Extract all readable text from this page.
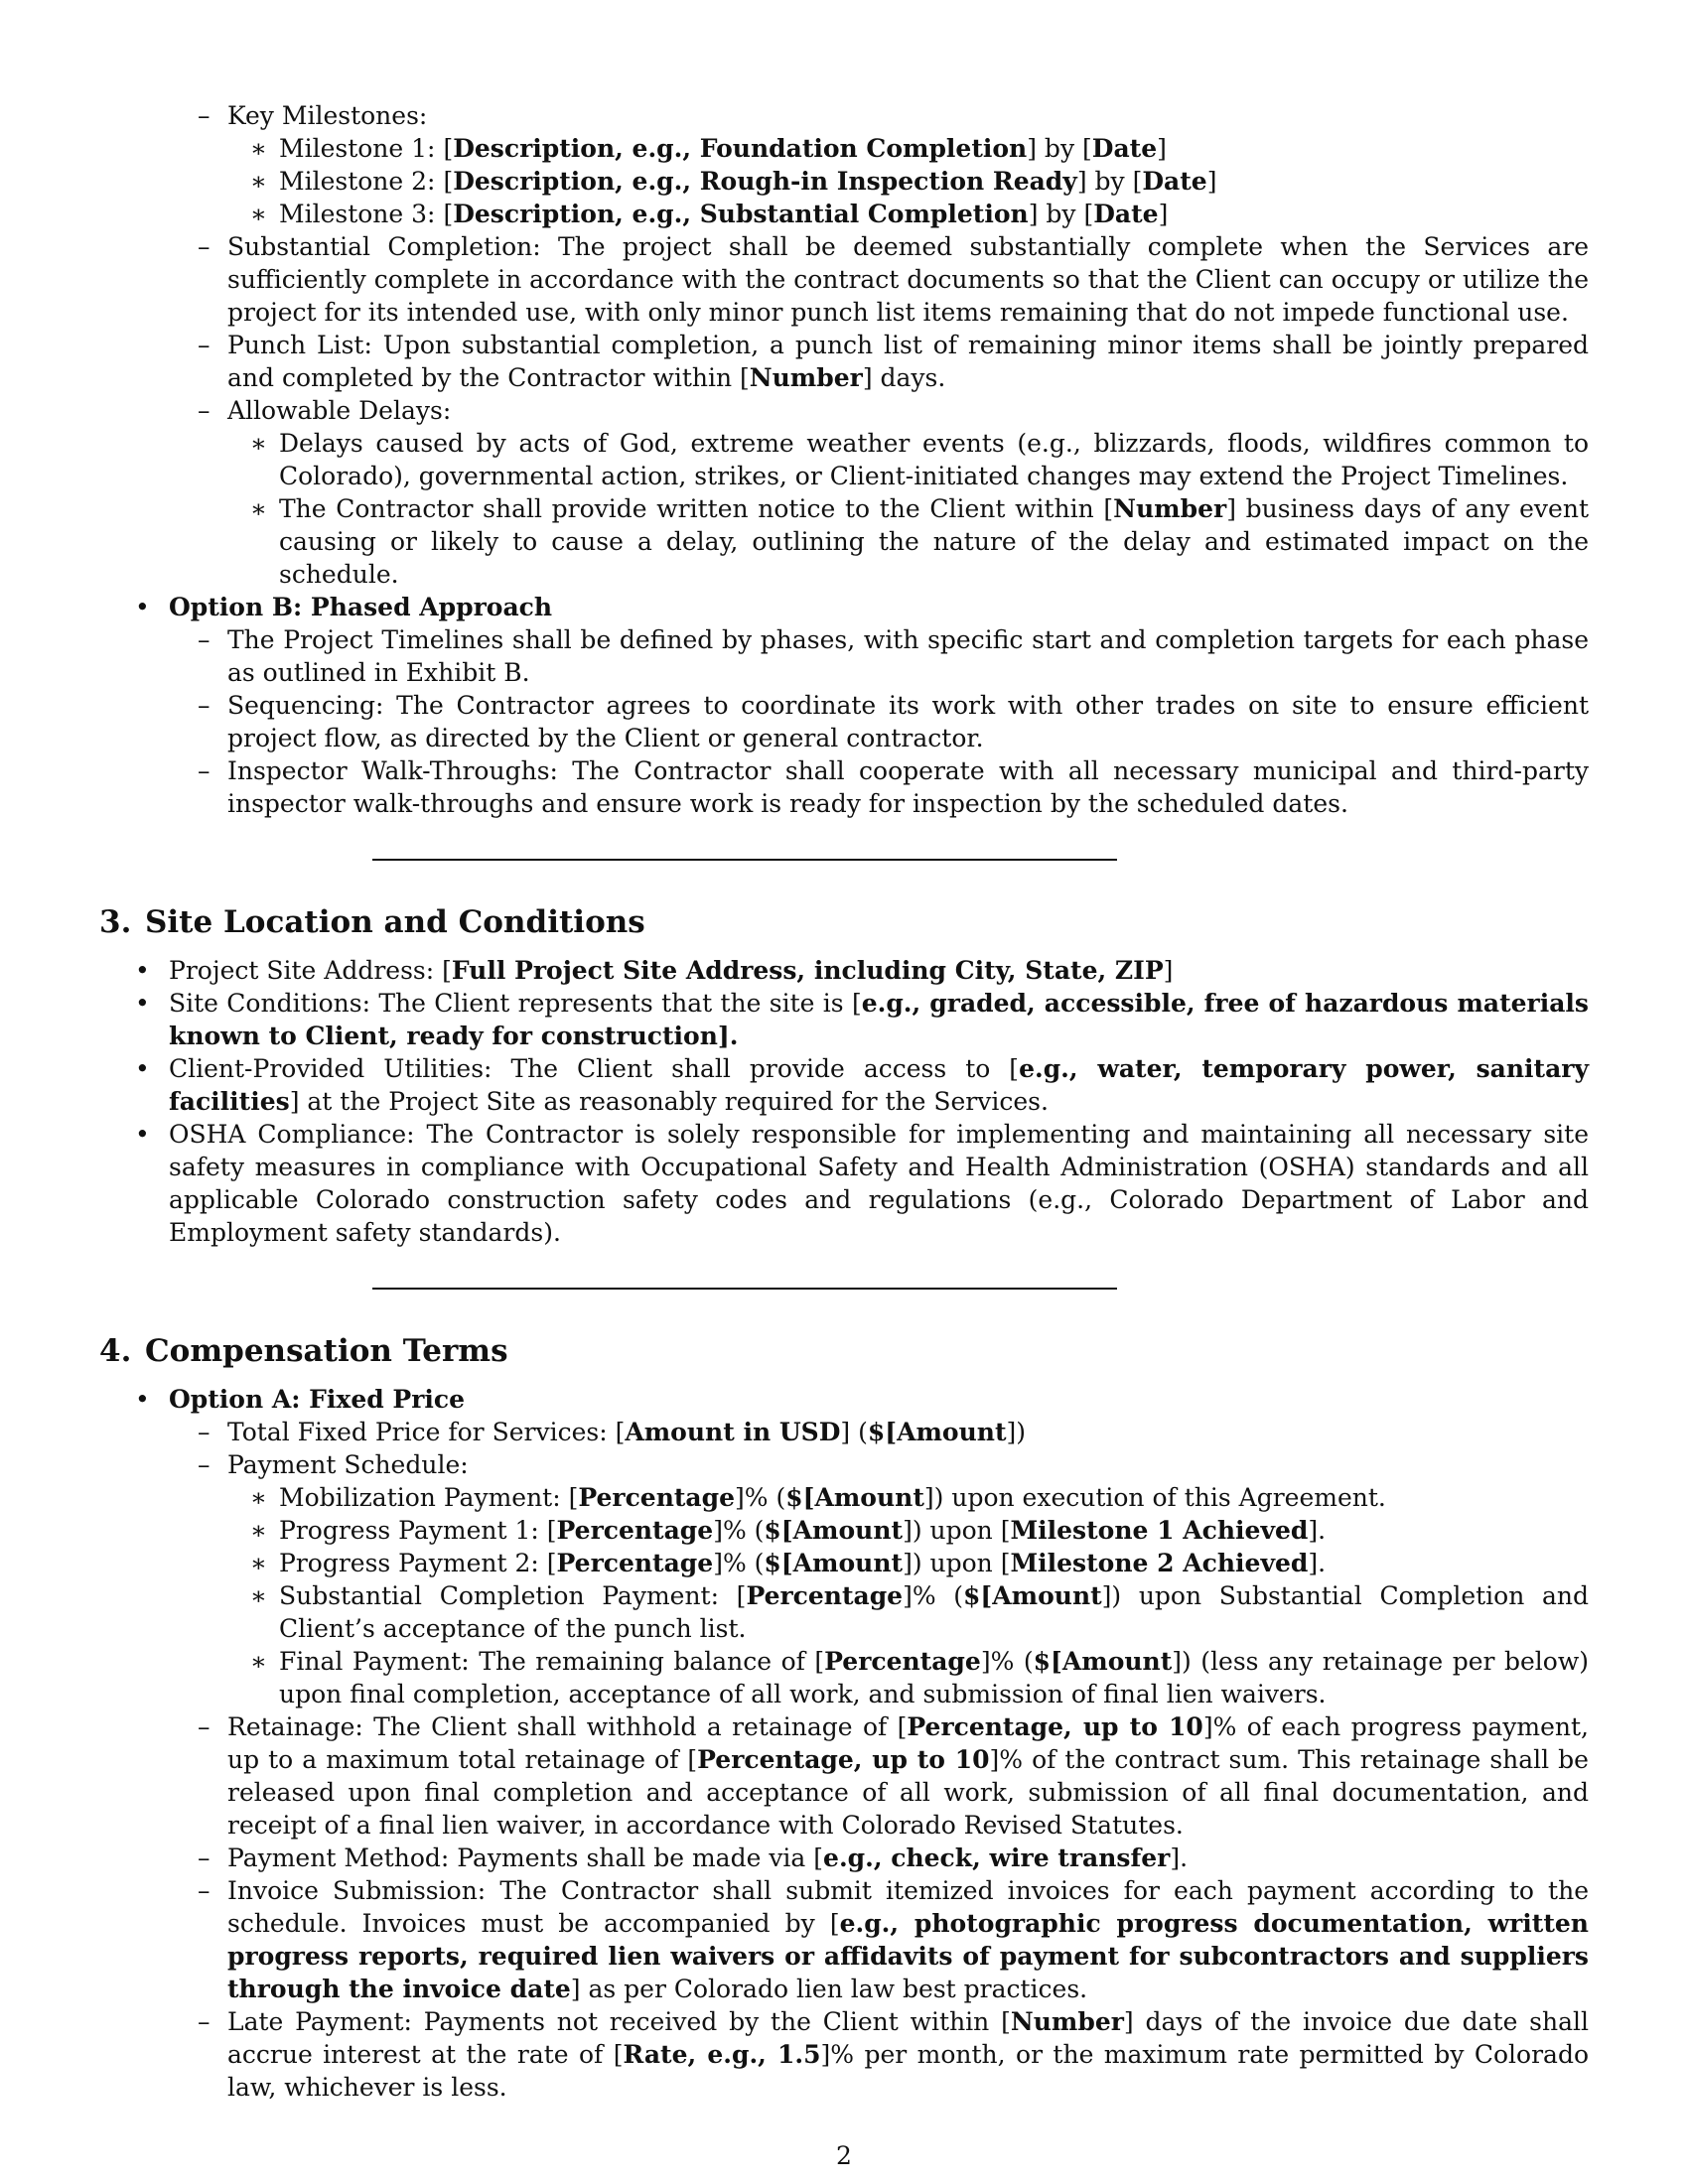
– Key Milestones:
∗ Milestone 1: [Description, e.g., Foundation Completion] by [Date]
∗ Milestone 2: [Description, e.g., Rough-in Inspection Ready] by [Date]
∗ Milestone 3: [Description, e.g., Substantial Completion] by [Date]
– Substantial Completion: The project shall be deemed substantially complete when the Services are sufficiently complete in accordance with the contract documents so that the Client can occupy or utilize the project for its intended use, with only minor punch list items remaining that do not impede functional use.
– Punch List: Upon substantial completion, a punch list of remaining minor items shall be jointly prepared and completed by the Contractor within [Number] days.
– Allowable Delays:
∗ Delays caused by acts of God, extreme weather events (e.g., blizzards, floods, wildfires common to Colorado), governmental action, strikes, or Client-initiated changes may extend the Project Timelines.
∗ The Contractor shall provide written notice to the Client within [Number] business days of any event causing or likely to cause a delay, outlining the nature of the delay and estimated impact on the schedule.
• Option B: Phased Approach
– The Project Timelines shall be defined by phases, with specific start and completion targets for each phase as outlined in Exhibit B.
– Sequencing: The Contractor agrees to coordinate its work with other trades on site to ensure efficient project flow, as directed by the Client or general contractor.
– Inspector Walk-Throughs: The Contractor shall cooperate with all necessary municipal and third-party inspector walk-throughs and ensure work is ready for inspection by the scheduled dates.
3. Site Location and Conditions
• Project Site Address: [Full Project Site Address, including City, State, ZIP]
• Site Conditions: The Client represents that the site is [e.g., graded, accessible, free of hazardous materials known to Client, ready for construction].
• Client-Provided Utilities: The Client shall provide access to [e.g., water, temporary power, sanitary facilities] at the Project Site as reasonably required for the Services.
• OSHA Compliance: The Contractor is solely responsible for implementing and maintaining all necessary site safety measures in compliance with Occupational Safety and Health Administration (OSHA) standards and all applicable Colorado construction safety codes and regulations (e.g., Colorado Department of Labor and Employment safety standards).
4. Compensation Terms
• Option A: Fixed Price
– Total Fixed Price for Services: [Amount in USD] ($[Amount])
– Payment Schedule:
∗ Mobilization Payment: [Percentage]% ($[Amount]) upon execution of this Agreement.
∗ Progress Payment 1: [Percentage]% ($[Amount]) upon [Milestone 1 Achieved].
∗ Progress Payment 2: [Percentage]% ($[Amount]) upon [Milestone 2 Achieved].
∗ Substantial Completion Payment: [Percentage]% ($[Amount]) upon Substantial Completion and Client’s acceptance of the punch list.
∗ Final Payment: The remaining balance of [Percentage]% ($[Amount]) (less any retainage per below) upon final completion, acceptance of all work, and submission of final lien waivers.
– Retainage: The Client shall withhold a retainage of [Percentage, up to 10]% of each progress payment, up to a maximum total retainage of [Percentage, up to 10]% of the contract sum. This retainage shall be released upon final completion and acceptance of all work, submission of all final documentation, and receipt of a final lien waiver, in accordance with Colorado Revised Statutes.
– Payment Method: Payments shall be made via [e.g., check, wire transfer].
– Invoice Submission: The Contractor shall submit itemized invoices for each payment according to the schedule. Invoices must be accompanied by [e.g., photographic progress documentation, written progress reports, required lien waivers or affidavits of payment for subcontractors and suppliers through the invoice date] as per Colorado lien law best practices.
– Late Payment: Payments not received by the Client within [Number] days of the invoice due date shall accrue interest at the rate of [Rate, e.g., 1.5]% per month, or the maximum rate permitted by Colorado law, whichever is less.
2
